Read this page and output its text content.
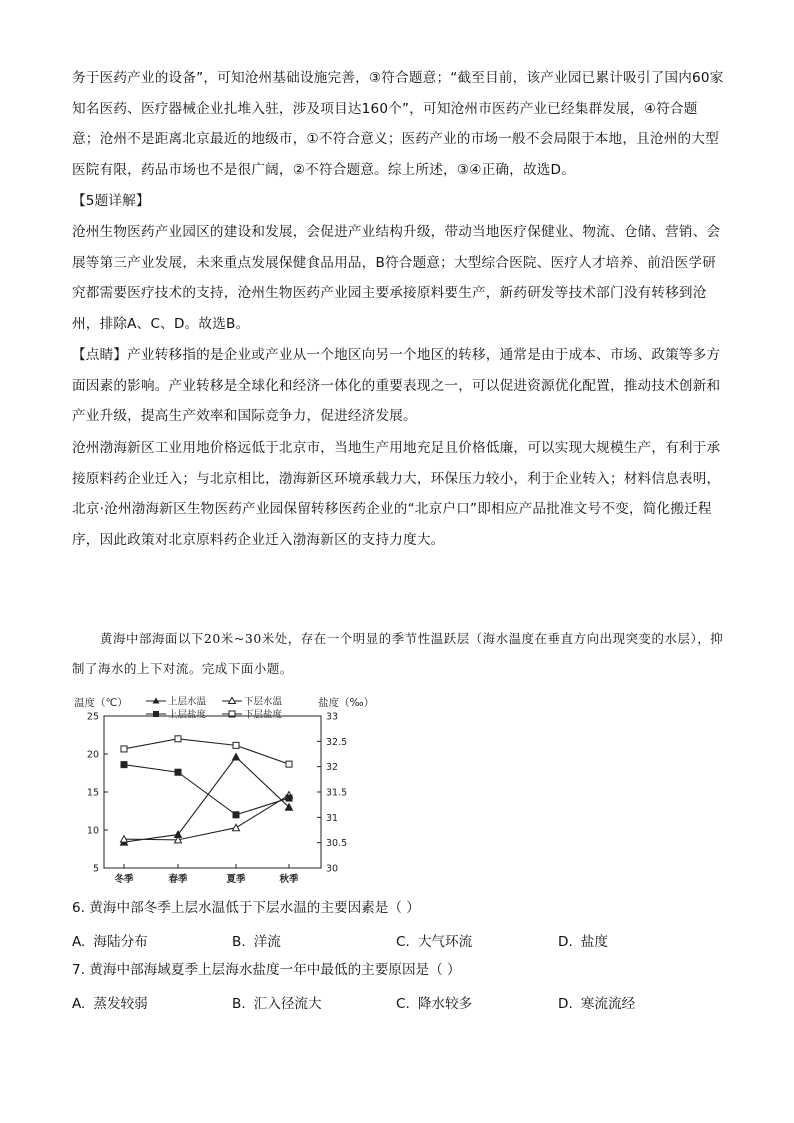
务于医药产业的设备”，可知沧州基础设施完善，③符合题意；“截至目前，该产业园已累计吸引了国内60家知名医药、医疗器械企业扎堆入驻，涉及项目达160个”，可知沧州市医药产业已经集群发展，④符合题意；沧州不是距离北京最近的地级市，①不符合意义；医药产业的市场一般不会局限于本地，且沧州的大型医院有限，药品市场也不是很广阔，②不符合题意。综上所述，③④正确，故选D。

【5题详解】

沧州生物医药产业园区的建设和发展，会促进产业结构升级，带动当地医疗保健业、物流、仓储、营销、会展等第三产业发展，未来重点发展保健食品用品，B符合题意；大型综合医院、医疗人才培养、前沿医学研究都需要医疗技术的支持，沧州生物医药产业园主要承接原料要生产，新药研发等技术部门没有转移到沧州，排除A、C、D。故选B。

【点睛】产业转移指的是企业或产业从一个地区向另一个地区的转移，通常是由于成本、市场、政策等多方面因素的影响。产业转移是全球化和经济一体化的重要表现之一，可以促进资源优化配置，推动技术创新和产业升级，提高生产效率和国际竞争力，促进经济发展。

沧州渤海新区工业用地价格远低于北京市，当地生产用地充足且价格低廉，可以实现大规模生产，有利于承接原料药企业迁入；与北京相比，渤海新区环境承载力大，环保压力较小，利于企业转入；材料信息表明，北京·沧州渤海新区生物医药产业园保留转移医药企业的“北京户口”即相应产品批准文号不变，简化搬迁程序，因此政策对北京原料药企业迁入渤海新区的支持力度大。

黄海中部海面以下20米~30米处，存在一个明显的季节性温跃层（海水温度在垂直方向出现突变的水层），抑制了海水的上下对流。完成下面小题。

温度（℃）	盐度（‰）
上层水温	下层水温
上层盐度	下层盐度
5
10
15
20
25
30
30.5
31
31.5
32
32.5
33
冬季	春季	夏季	秋季

6. 黄海中部冬季上层水温低于下层水温的主要因素是（ ）

A. 海陆分布	B. 洋流	C. 大气环流	D. 盐度

7. 黄海中部海域夏季上层海水盐度一年中最低的主要原因是（ ）

A. 蒸发较弱	B. 汇入径流大	C. 降水较多	D. 寒流流经
